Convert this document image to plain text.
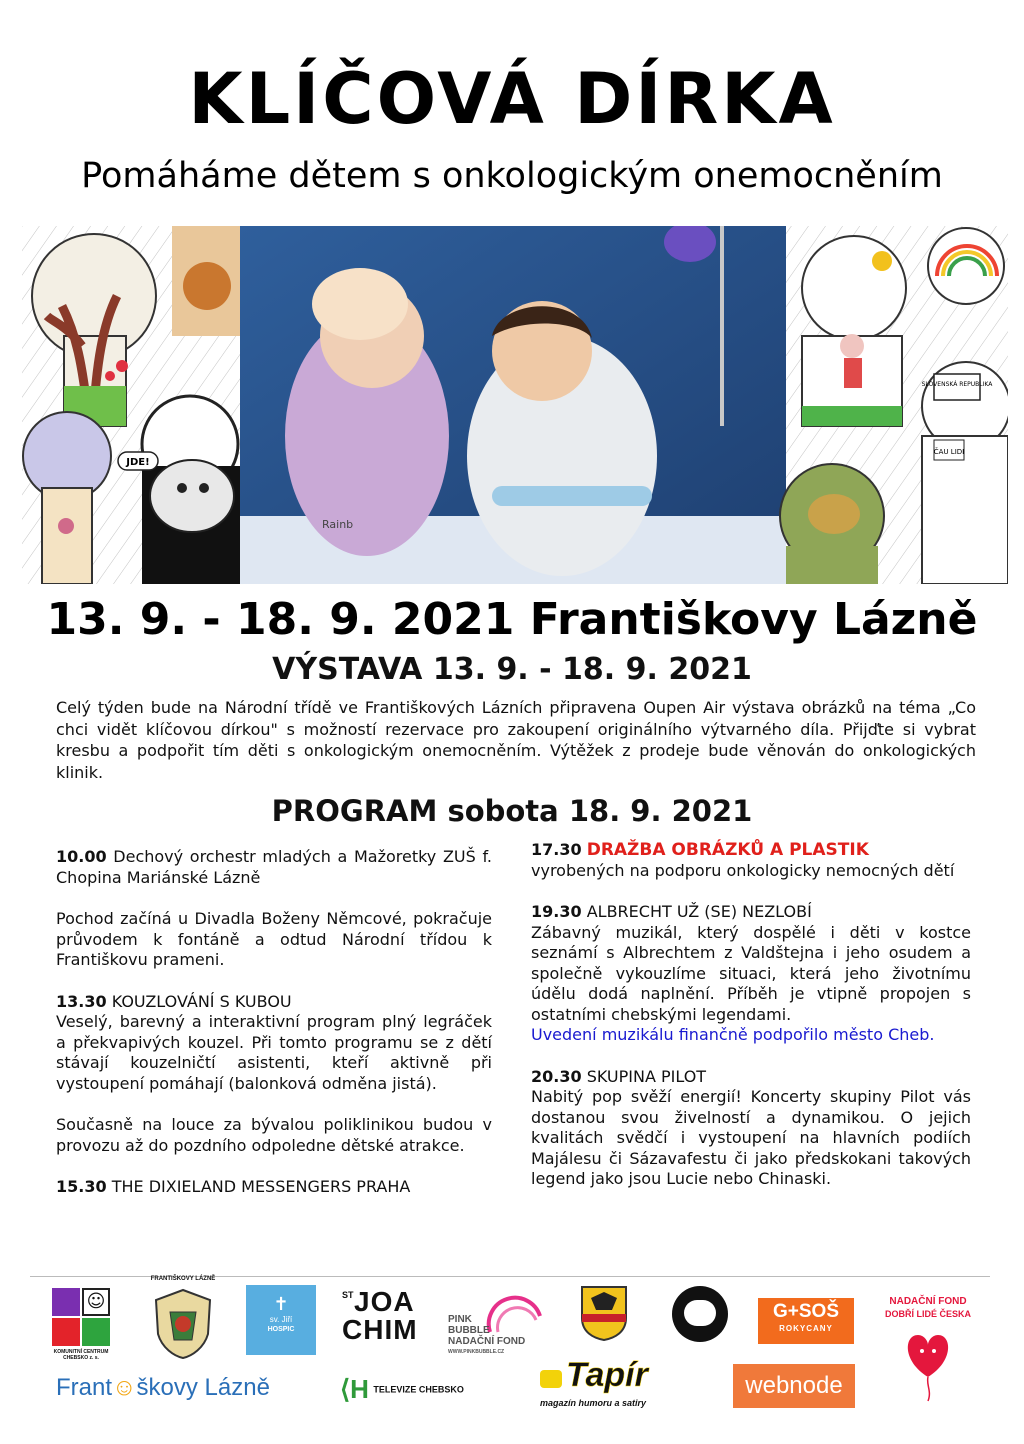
KLÍČOVÁ DÍRKA
Pomáháme dětem s onkologickým onemocněním
JDE!
Rainb
SLOVENSKÁ REPUBLIKA
ČAU LIDI
13. 9. - 18. 9. 2021 Františkovy Lázně
VÝSTAVA 13. 9. - 18. 9. 2021
Celý týden bude na Národní třídě ve Františkových Lázních připravena Oupen Air výstava obrázků na téma „Co chci vidět klíčovou dírkou" s možností rezervace pro zakoupení originálního výtvarného díla. Přijďte si vybrat kresbu a podpořit tím děti s onkologickým onemocněním. Výtěžek z prodeje bude věnován do onkologických klinik.
PROGRAM sobota 18. 9. 2021

10.00 Dechový orchestr mladých a Mažoretky ZUŠ f. Chopina Mariánské Lázně

Pochod začíná u Divadla Boženy Němcové, pokračuje průvodem k fontáně a odtud Národní třídou k Františkovu prameni.

13.30 KOUZLOVÁNÍ S KUBOU

Veselý, barevný a interaktivní program plný legráček a překvapivých kouzel. Při tomto programu se z dětí stávají kouzelničtí asistenti, kteří aktivně při vystoupení pomáhají (balonková odměna jistá).

Současně na louce za bývalou poliklinikou budou v provozu až do pozdního odpoledne dětské atrakce.

15.30 THE DIXIELAND MESSENGERS PRAHA

17.30 DRAŽBA OBRÁZKŮ A PLASTIK

vyrobených na podporu onkologicky nemocných dětí

19.30 ALBRECHT UŽ (SE) NEZLOBÍ

Zábavný muzikál, který dospělé i děti v kostce seznámí s Albrechtem z Valdštejna i jeho osudem a společně vykouzlíme situaci, která jeho životnímu údělu dodá naplnění. Příběh je vtipně propojen s ostatními chebskými legendami.

Uvedení muzikálu finančně podpořilo město Cheb.

20.30 SKUPINA PILOT

Nabitý pop svěží energií! Koncerty skupiny Pilot vás dostanou svou živelností a dynamikou. O jejich kvalitách svědčí i vystoupení na hlavních podiích Majálesu či Sázavafestu či jako předskokani takových legend jako jsou Lucie nebo Chinaski.

☺
KOMUNITNÍ CENTRUM CHEBSKO z. s.
FRANTIŠKOVY LÁZNĚ
✝
sv. Jiří
HOSPIC
ST JOA
CHIM	PINK
BUBBLE
NADAČNÍ FOND
WWW.PINKBUBBLE.CZ
G+SOŠ
ROKYCANY
NADAČNÍ FOND
DOBŘÍ LIDÉ ČESKA
Frant☺škovy Lázně	⟨H TELEVIZE CHEBSKO	Tapír
magazín humoru a satiry
webnode
